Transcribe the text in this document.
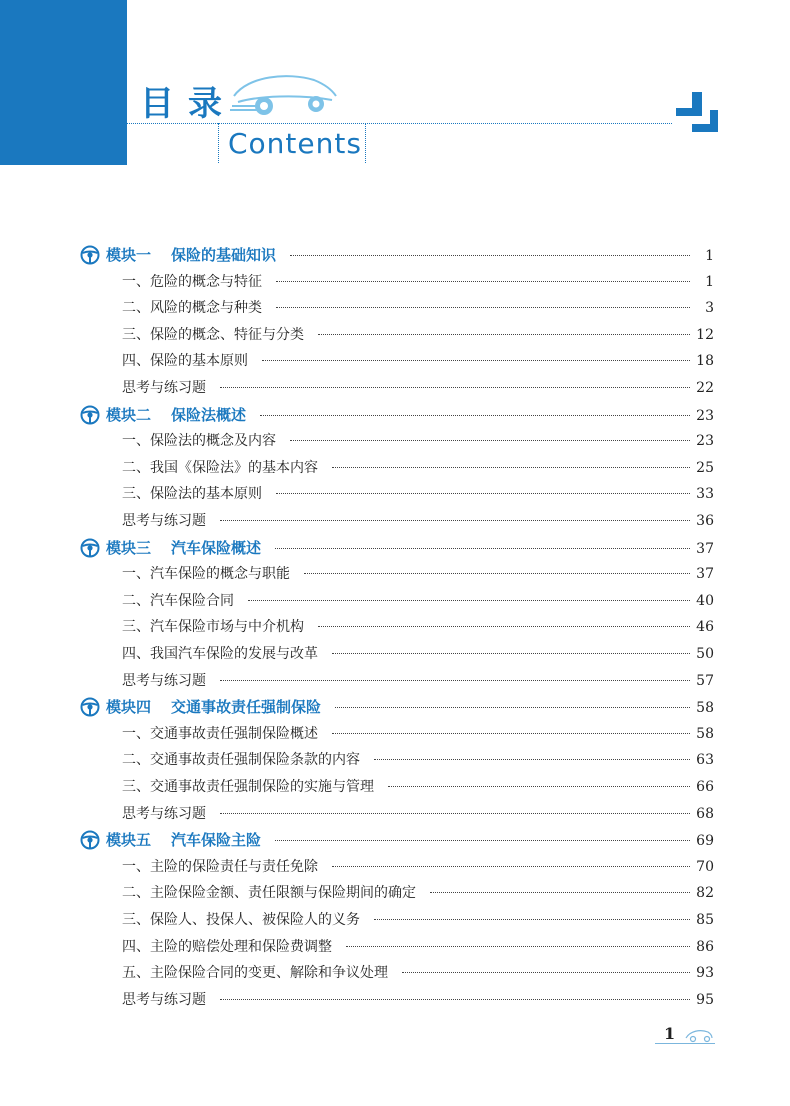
目录
Contents
模块一 保险的基础知识	1
一、危险的概念与特征	1
二、风险的概念与种类	3
三、保险的概念、特征与分类	12
四、保险的基本原则	18
思考与练习题	22
模块二 保险法概述	23
一、保险法的概念及内容	23
二、我国《保险法》的基本内容	25
三、保险法的基本原则	33
思考与练习题	36
模块三 汽车保险概述	37
一、汽车保险的概念与职能	37
二、汽车保险合同	40
三、汽车保险市场与中介机构	46
四、我国汽车保险的发展与改革	50
思考与练习题	57
模块四 交通事故责任强制保险	58
一、交通事故责任强制保险概述	58
二、交通事故责任强制保险条款的内容	63
三、交通事故责任强制保险的实施与管理	66
思考与练习题	68
模块五 汽车保险主险	69
一、主险的保险责任与责任免除	70
二、主险保险金额、责任限额与保险期间的确定	82
三、保险人、投保人、被保险人的义务	85
四、主险的赔偿处理和保险费调整	86
五、主险保险合同的变更、解除和争议处理	93
思考与练习题	95
1
